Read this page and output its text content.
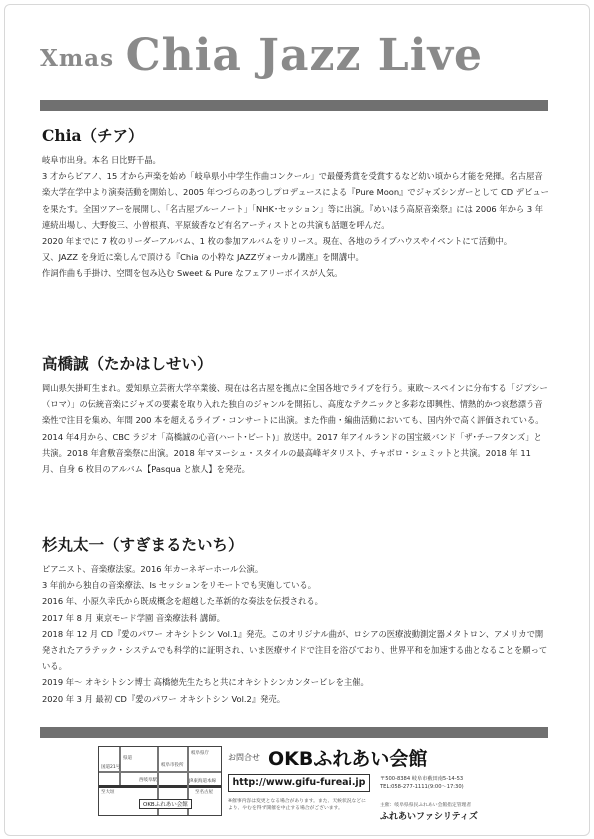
Xmas Chia Jazz Live
Chia（チア）

岐阜市出身。本名 日比野千晶。

3 才からピアノ、15 才から声楽を始め「岐阜県小中学生作曲コンクール」で最優秀賞を受賞するなど幼い頃から才能を発揮。名古屋音楽大学在学中より演奏活動を開始し、2005 年つづらのあつしプロデュースによる『Pure Moon』でジャズシンガーとして CD デビューを果たす。全国ツアーを展開し、「名古屋ブルーノート」「NHK･セッション」等に出演。『めいほう高原音楽祭』には 2006 年から 3 年連続出場し、大野俊三、小曽根真、平原綾香など有名アーティストとの共演も話題を呼んだ。

2020 年までに 7 枚のリーダーアルバム、1 枚の参加アルバムをリリース。現在、各地のライブハウスやイベントにて活動中。

又、JAZZ を身近に楽しんで頂ける『Chia の小粋な JAZZヴォーカル講座』を開講中。

作詞作曲も手掛け、空間を包み込む Sweet & Pure なフェアリーボイスが人気。

高橋誠（たかはしせい）

岡山県矢掛町生まれ。愛知県立芸術大学卒業後、現在は名古屋を拠点に全国各地でライブを行う。東欧～スペインに分布する「ジプシー（ロマ）」の伝統音楽にジャズの要素を取り入れた独自のジャンルを開拓し、高度なテクニックと多彩な即興性、情熱的かつ哀愁漂う音楽性で注目を集め、年間 200 本を超えるライブ・コンサートに出演。また作曲・編曲活動においても、国内外で高く評価されている。

2014 年4月から、CBC ラジオ「高橋誠の心音(ハート･ビート)」放送中。2017 年アイルランドの国宝級バンド「ザ･チーフタンズ」と共演。2018 年倉敷音楽祭に出演。2018 年マヌーシュ・スタイルの最高峰ギタリスト、チャボロ・シュミットと共演。2018 年 11 月、自身 6 枚目のアルバム【Pasqua と旅人】を発売。

杉丸太一（すぎまるたいち）

ピアニスト、音楽療法家。2016 年カーネギーホール公演。

3 年前から独自の音楽療法、Is セッションをリモートでも実施している。

2016 年、小原久幸氏から既成概念を超越した革新的な奏法を伝授される。

2017 年 8 月 東京モード学園 音楽療法科 講師。

2018 年 12 月 CD『愛のパワー オキシトシン Vol.1』発売。このオリジナル曲が、ロシアの医療波動測定器メタトロン、アメリカで開発されたアラテック・システムでも科学的に証明され、いま医療サイドで注目を浴びており、世界平和を加速する曲となることを願っている。

2019 年～ オキシトシン博士 高橋徳先生たちと共にオキシトシンカンタービレを主催。

2020 年 3 月 最初 CD『愛のパワー オキシトシン Vol.2』発売。

岐阜県庁
岐阜市役所
西岐阜駅	JR東海道本線
至大垣	至名古屋
県道
国道21号
OKBふれあい会館
お問合せ OKBふれあい会館
http://www.gifu-fureai.jp
※催事内容は変更となる場合があります。また、天候状況などにより、やむを得ず開催を中止する場合がございます。
〒500-8384 岐阜市薮田南5-14-53
TEL:058-277-1111(9:00～17:30)
主催：岐阜県県民ふれあい会館指定管理者
ふれあいファシリティズ
